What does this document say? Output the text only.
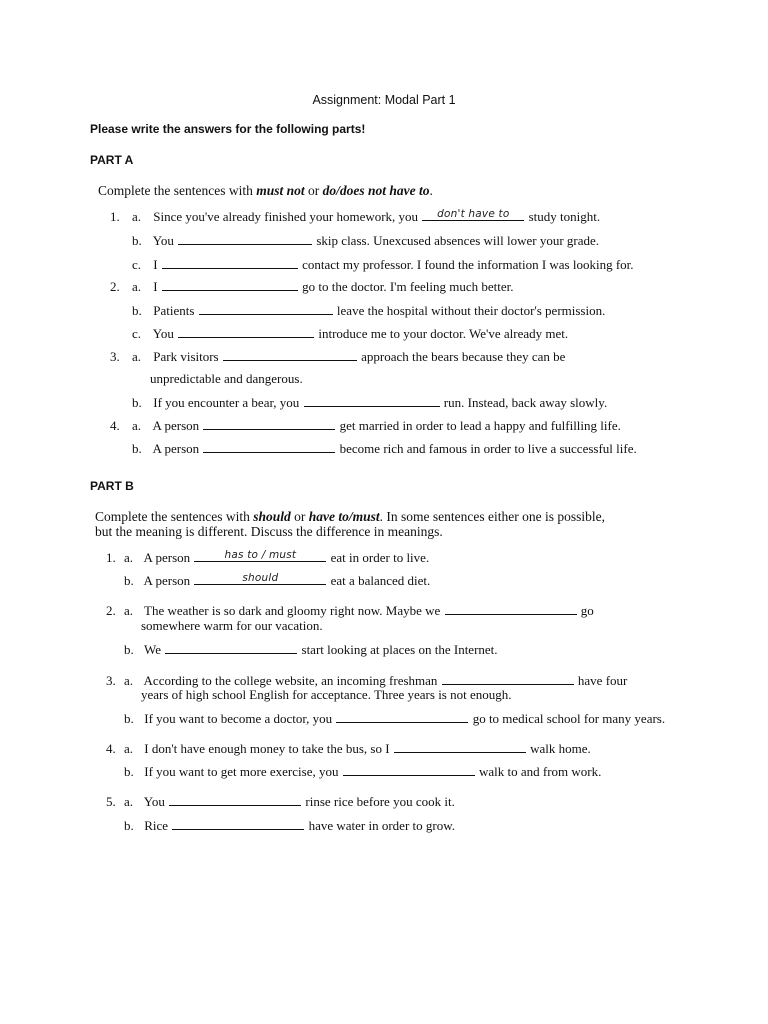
Assignment: Modal Part 1
Please write the answers for the following parts!
PART A
Complete the sentences with must not or do/does not have to.
1. a. Since you've already finished your homework, you	don't have to	study tonight.
b. You	skip class. Unexcused absences will lower your grade.
c. I	contact my professor. I found the information I was looking for.
2. a. I	go to the doctor. I'm feeling much better.
b. Patients	leave the hospital without their doctor's permission.
c. You	introduce me to your doctor. We've already met.
3. a. Park visitors	approach the bears because they can be
unpredictable and dangerous.
b. If you encounter a bear, you	run. Instead, back away slowly.
4. a. A person	get married in order to lead a happy and fulfilling life.
b. A person	become rich and famous in order to live a successful life.
PART B
Complete the sentences with should or have to/must. In some sentences either one is possible,
but the meaning is different. Discuss the difference in meanings.
1. a. A person	has to / must	eat in order to live.
b. A person	should	eat a balanced diet.
2. a. The weather is so dark and gloomy right now. Maybe we	go
somewhere warm for our vacation.
b. We	start looking at places on the Internet.
3. a. According to the college website, an incoming freshman	have four
years of high school English for acceptance. Three years is not enough.
b. If you want to become a doctor, you	go to medical school for many years.
4. a. I don't have enough money to take the bus, so I	walk home.
b. If you want to get more exercise, you	walk to and from work.
5. a. You	rinse rice before you cook it.
b. Rice	have water in order to grow.
